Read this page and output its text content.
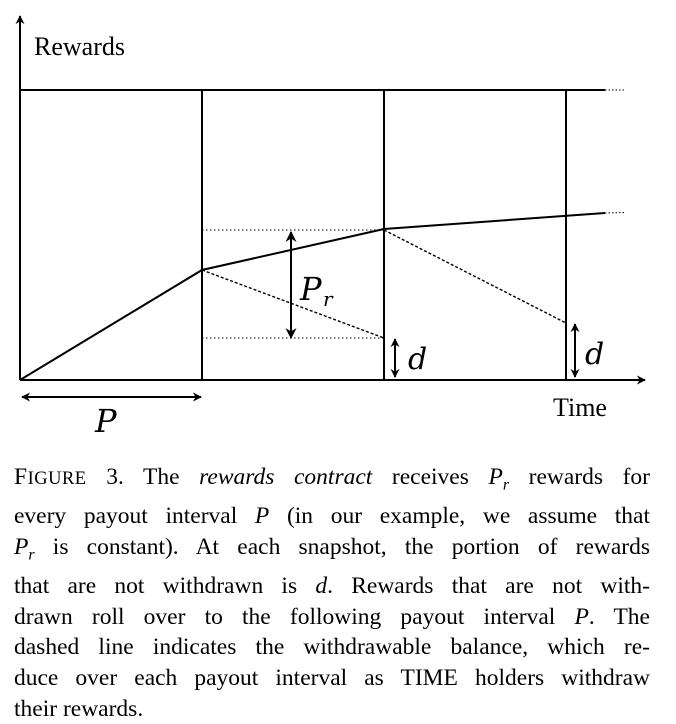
P r
d	d
P
Rewards
Time

FIGURE 3. The rewards contract receives $P_r$ rewards for
every payout interval P (in our example, we assume that
$P_r$ is constant). At each snapshot, the portion of rewards
that are not withdrawn is d. Rewards that are not with-
drawn roll over to the following payout interval P. The
dashed line indicates the withdrawable balance, which re-
duce over each payout interval as TIME holders withdraw
their rewards.
